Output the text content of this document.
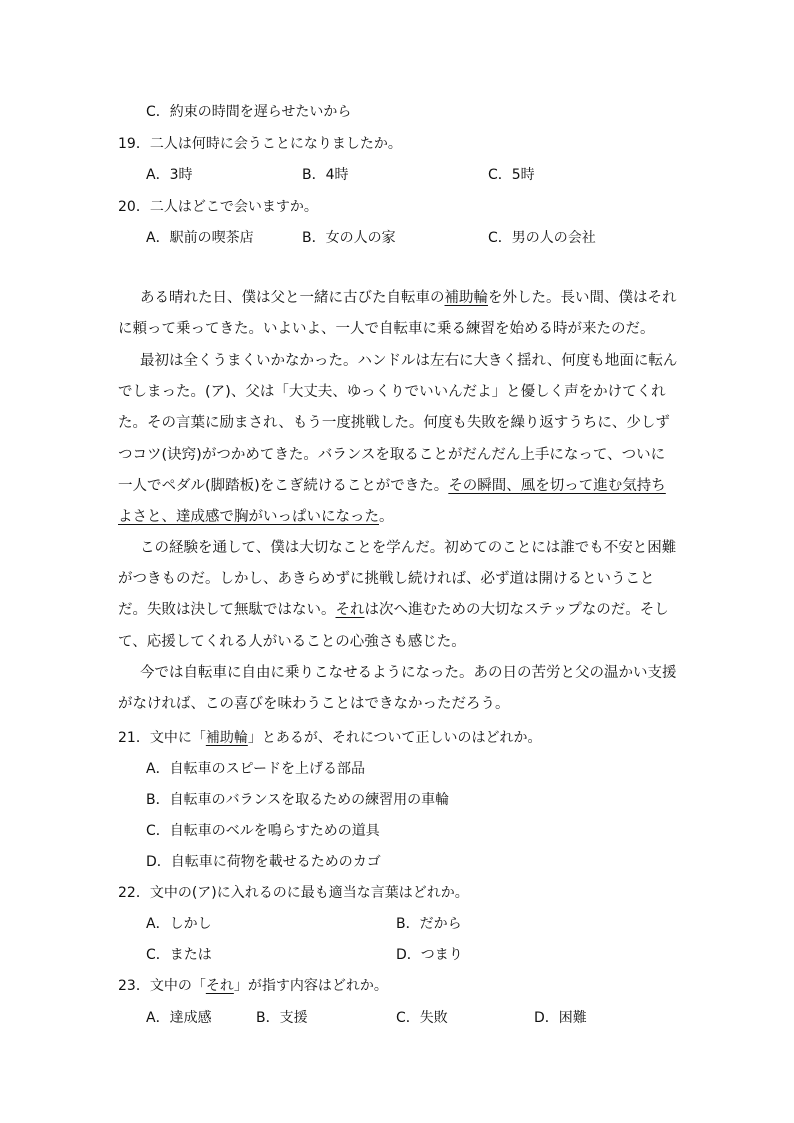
C．約束の時間を遅らせたいから
19．二人は何時に会うことになりましたか。
A．3時	B．4時	C．5時
20．二人はどこで会いますか。
A．駅前の喫茶店	B．女の人の家	C．男の人の会社
ある晴れた日、僕は父と一緒に古びた自転車の補助輪を外した。長い間、僕はそれに頼って乗ってきた。いよいよ、一人で自転車に乗る練習を始める時が来たのだ。
最初は全くうまくいかなかった。ハンドルは左右に大きく揺れ、何度も地面に転んでしまった。(ア)、父は「大丈夫、ゆっくりでいいんだよ」と優しく声をかけてくれた。その言葉に励まされ、もう一度挑戦した。何度も失敗を繰り返すうちに、少しずつコツ(诀窍)がつかめてきた。バランスを取ることがだんだん上手になって、ついに一人でペダル(脚踏板)をこぎ続けることができた。その瞬間、風を切って進む気持ちよさと、達成感で胸がいっぱいになった。
この経験を通して、僕は大切なことを学んだ。初めてのことには誰でも不安と困難がつきものだ。しかし、あきらめずに挑戦し続ければ、必ず道は開けるということだ。失敗は決して無駄ではない。それは次へ進むための大切なステップなのだ。そして、応援してくれる人がいることの心強さも感じた。
今では自転車に自由に乗りこなせるようになった。あの日の苦労と父の温かい支援がなければ、この喜びを味わうことはできなかっただろう。
21．文中に「補助輪」とあるが、それについて正しいのはどれか。
A．自転車のスピードを上げる部品
B．自転車のバランスを取るための練習用の車輪
C．自転車のベルを鳴らすための道具
D．自転車に荷物を載せるためのカゴ
22．文中の(ア)に入れるのに最も適当な言葉はどれか。
A．しかし	B．だから
C．または	D．つまり
23．文中の「それ」が指す内容はどれか。
A．達成感	B．支援	C．失敗	D．困難
